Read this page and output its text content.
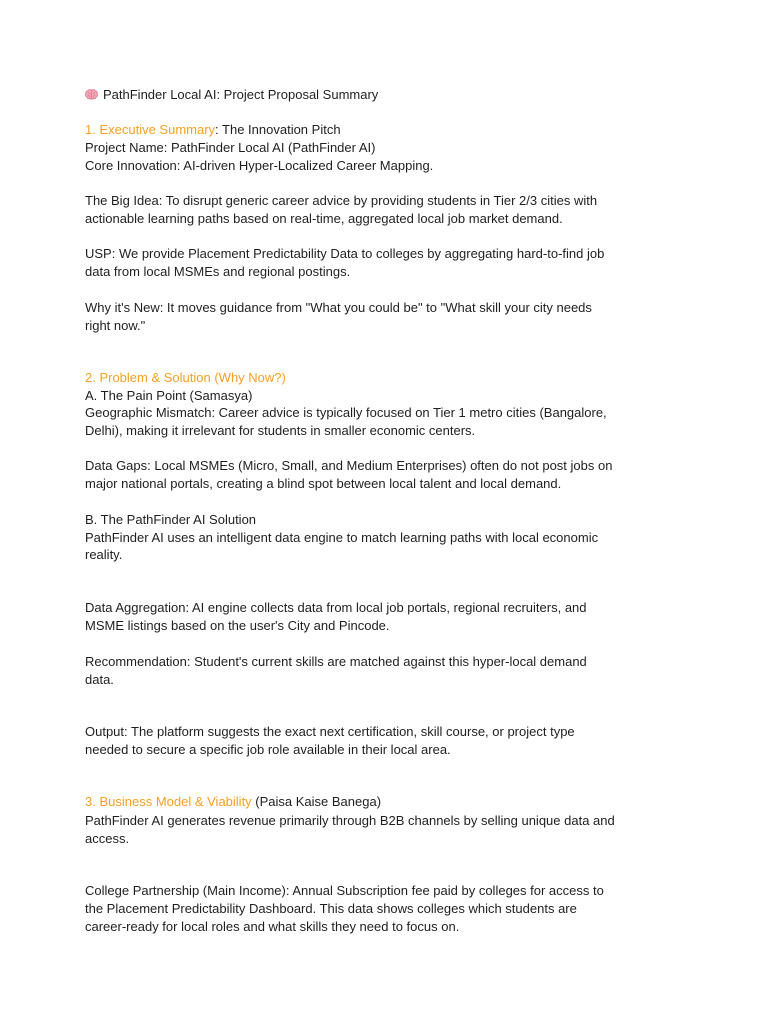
PathFinder Local AI: Project Proposal Summary

1. Executive Summary: The Innovation Pitch

Project Name: PathFinder Local AI (PathFinder AI)

Core Innovation: AI-driven Hyper-Localized Career Mapping.

The Big Idea: To disrupt generic career advice by providing students in Tier 2/3 cities with

actionable learning paths based on real-time, aggregated local job market demand.

USP: We provide Placement Predictability Data to colleges by aggregating hard-to-find job

data from local MSMEs and regional postings.

Why it's New: It moves guidance from "What you could be" to "What skill your city needs

right now."

2. Problem & Solution (Why Now?)

A. The Pain Point (Samasya)

Geographic Mismatch: Career advice is typically focused on Tier 1 metro cities (Bangalore,

Delhi), making it irrelevant for students in smaller economic centers.

Data Gaps: Local MSMEs (Micro, Small, and Medium Enterprises) often do not post jobs on

major national portals, creating a blind spot between local talent and local demand.

B. The PathFinder AI Solution

PathFinder AI uses an intelligent data engine to match learning paths with local economic

reality.

Data Aggregation: AI engine collects data from local job portals, regional recruiters, and

MSME listings based on the user's City and Pincode.

Recommendation: Student's current skills are matched against this hyper-local demand

data.

Output: The platform suggests the exact next certification, skill course, or project type

needed to secure a specific job role available in their local area.

3. Business Model & Viability (Paisa Kaise Banega)

PathFinder AI generates revenue primarily through B2B channels by selling unique data and

access.

College Partnership (Main Income): Annual Subscription fee paid by colleges for access to

the Placement Predictability Dashboard. This data shows colleges which students are

career-ready for local roles and what skills they need to focus on.
